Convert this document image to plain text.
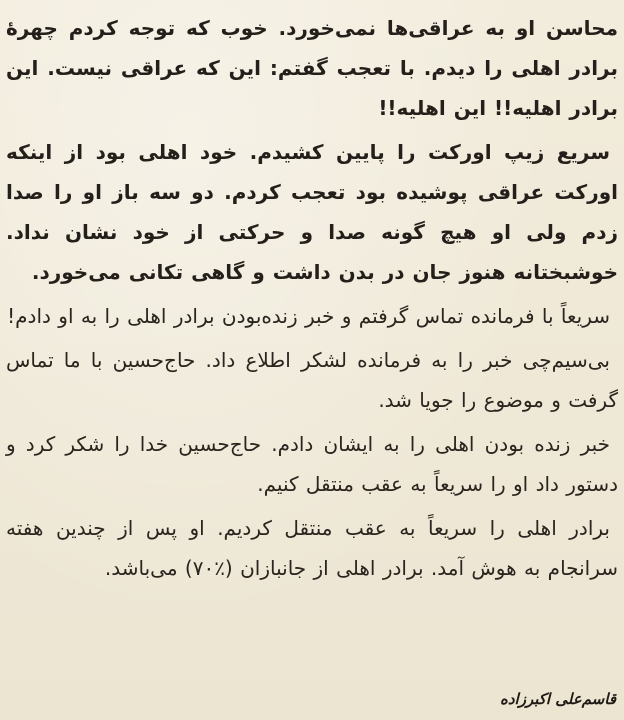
محاسن او به عراقی‌ها نمی‌خورد. خوب که توجه کردم چهرهٔ برادر اهلی را دیدم. با تعجب گفتم: این که عراقی نیست. این برادر اهلیه!! این اهلیه!!

سریع زیپ اورکت را پایین کشیدم. خود اهلی بود از اینکه اورکت عراقی پوشیده بود تعجب کردم. دو سه باز او را صدا زدم ولی او هیچ گونه صدا و حرکتی از خود نشان نداد. خوشبختانه هنوز جان در بدن داشت و گاهی تکانی می‌خورد.

سریعاً با فرمانده تماس گرفتم و خبر زنده‌بودن برادر اهلی را به او دادم!

بی‌سیم‌چی خبر را به فرمانده لشکر اطلاع داد. حاج‌حسین با ما تماس گرفت و موضوع را جویا شد.

خبر زنده بودن اهلی را به ایشان دادم. حاج‌حسین خدا را شکر کرد و دستور داد او را سریعاً به عقب منتقل کنیم.

برادر اهلی را سریعاً به عقب منتقل کردیم. او پس از چندین هفته سرانجام به هوش آمد. برادر اهلی از جانبازان (٪۷۰) می‌باشد.

قاسم‌علی اکبرزاده
